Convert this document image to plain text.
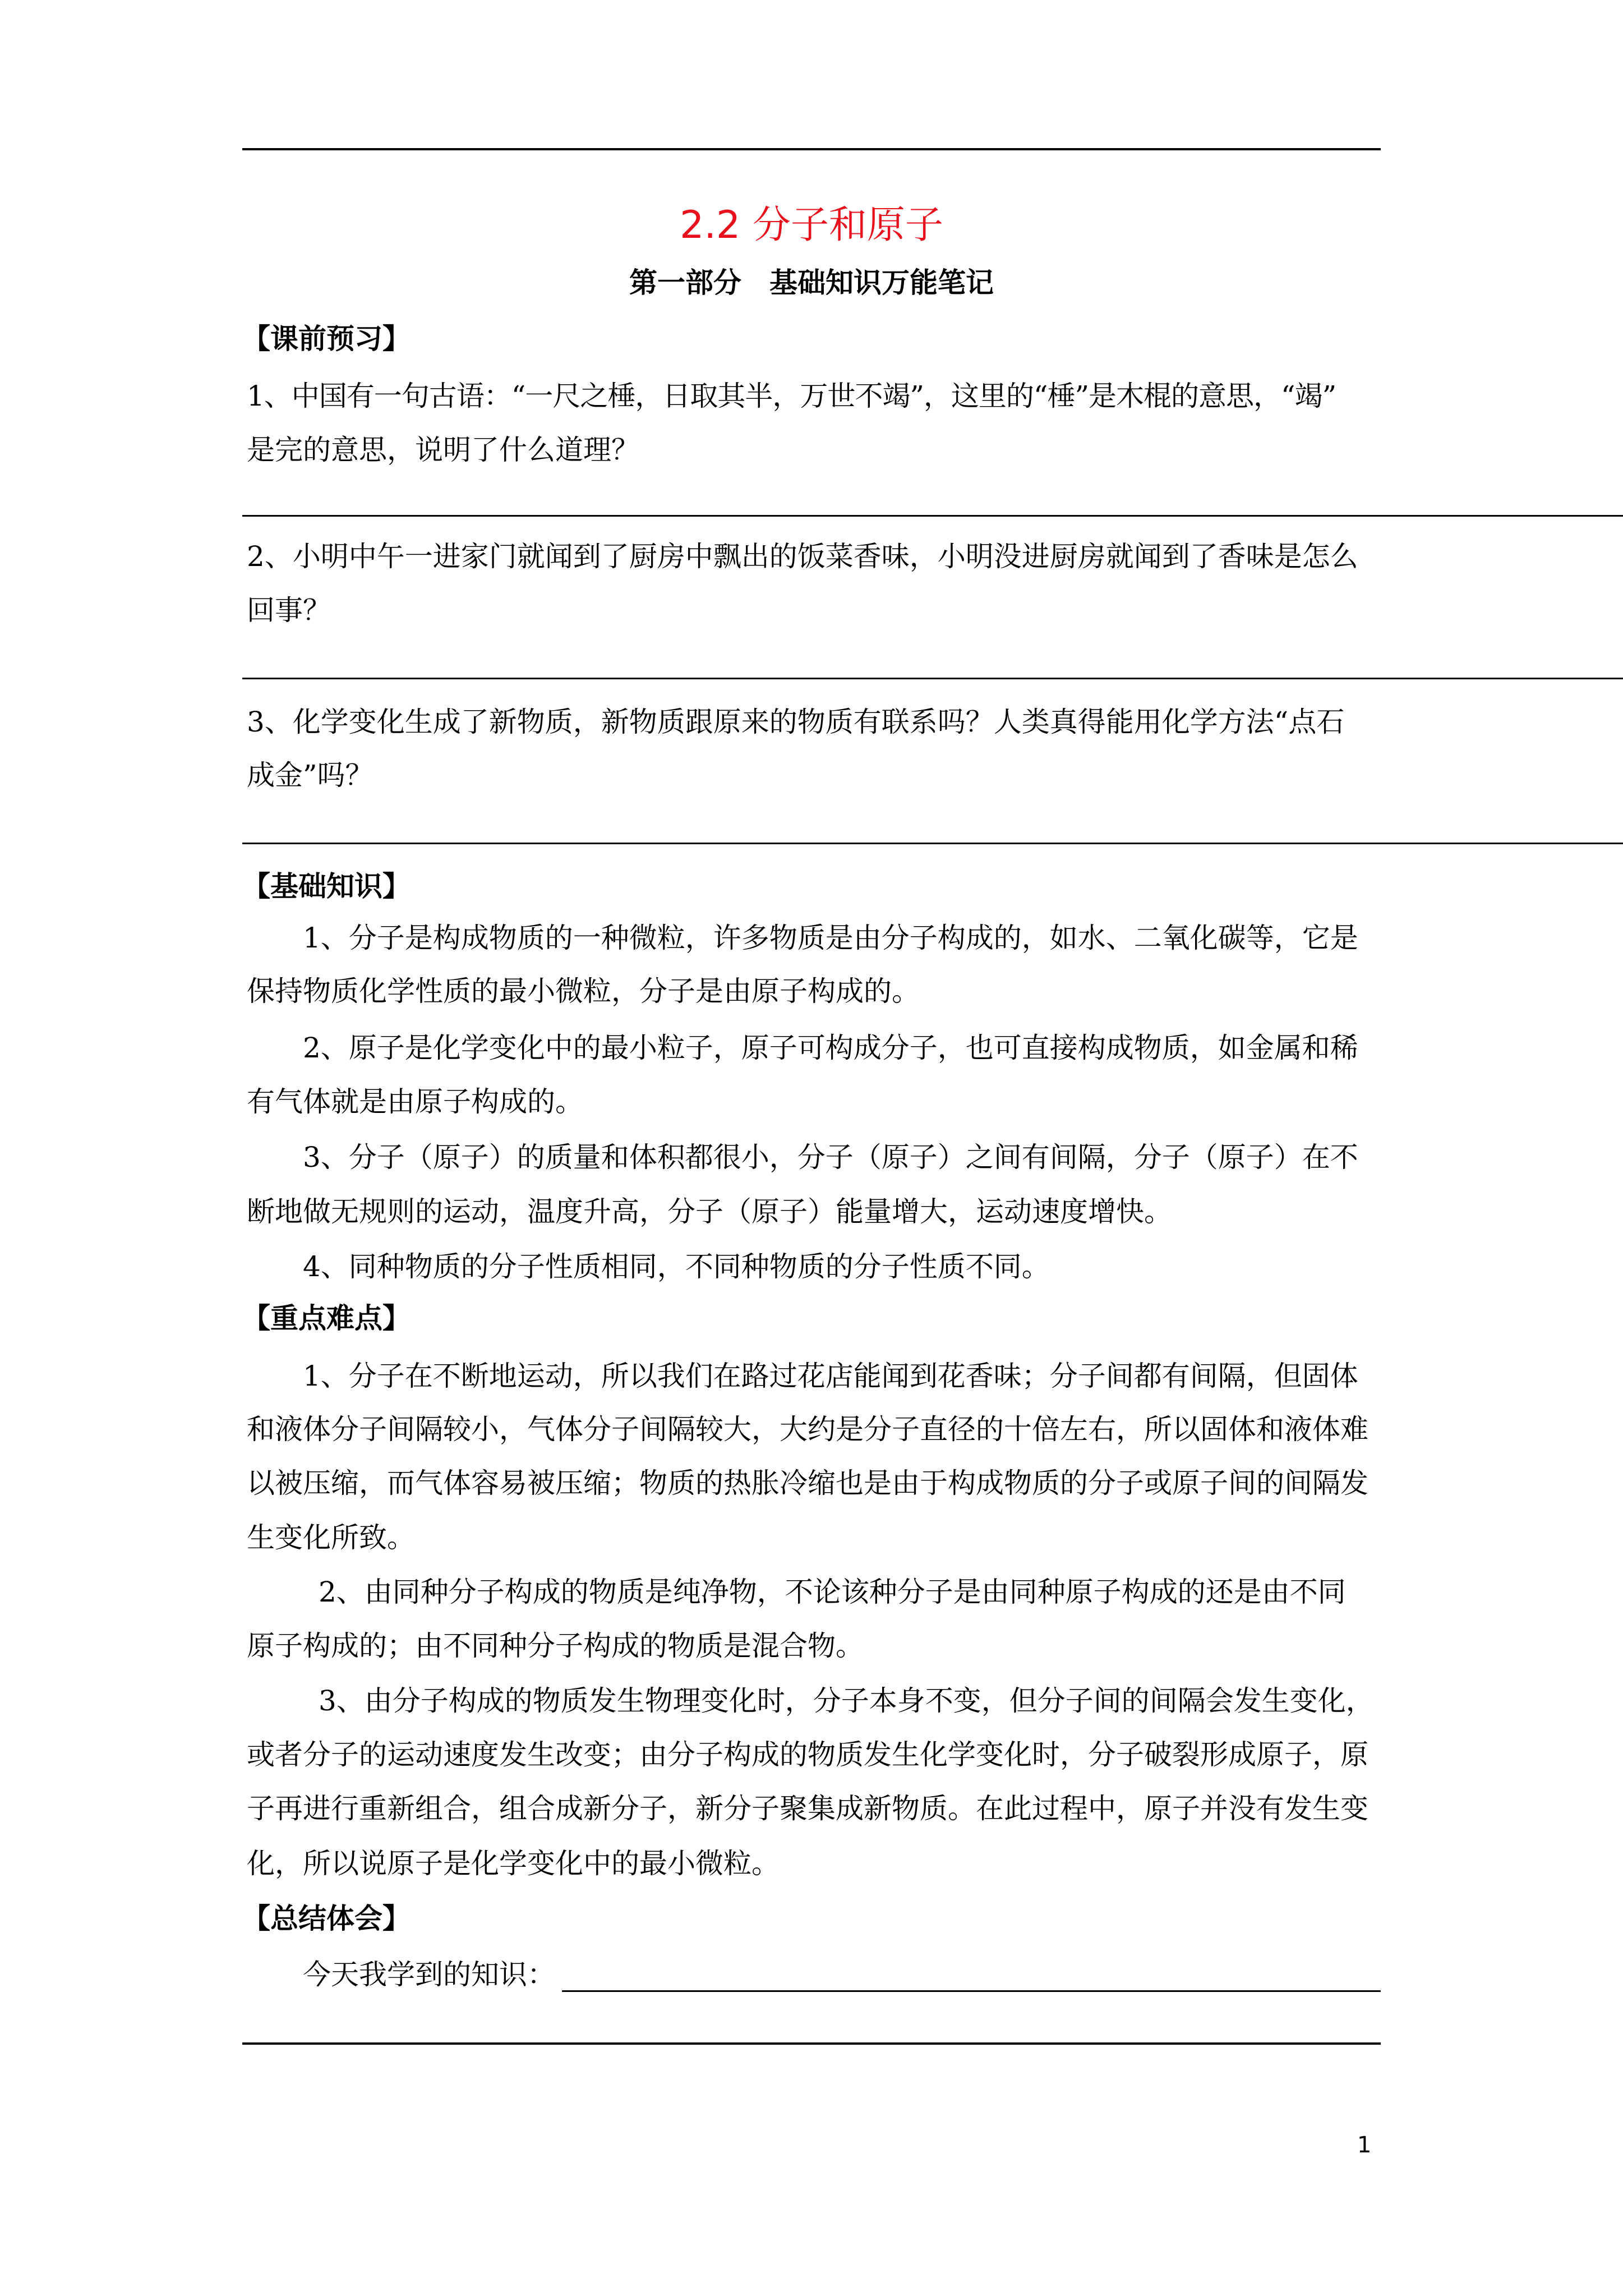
2.2 分子和原子
第一部分　基础知识万能笔记
【课前预习】
1、中国有一句古语：“一尺之棰，日取其半，万世不竭”，这里的“棰”是木棍的意思，“竭”
是完的意思，说明了什么道理？
2、小明中午一进家门就闻到了厨房中飘出的饭菜香味，小明没进厨房就闻到了香味是怎么
回事？
3、化学变化生成了新物质，新物质跟原来的物质有联系吗？人类真得能用化学方法“点石
成金”吗？
【基础知识】
1、分子是构成物质的一种微粒，许多物质是由分子构成的，如水、二氧化碳等，它是
保持物质化学性质的最小微粒，分子是由原子构成的。
2、原子是化学变化中的最小粒子，原子可构成分子，也可直接构成物质，如金属和稀
有气体就是由原子构成的。
3、分子（原子）的质量和体积都很小，分子（原子）之间有间隔，分子（原子）在不
断地做无规则的运动，温度升高，分子（原子）能量增大，运动速度增快。
4、同种物质的分子性质相同，不同种物质的分子性质不同。
【重点难点】
1、分子在不断地运动，所以我们在路过花店能闻到花香味；分子间都有间隔，但固体
和液体分子间隔较小，气体分子间隔较大，大约是分子直径的十倍左右，所以固体和液体难
以被压缩，而气体容易被压缩；物质的热胀冷缩也是由于构成物质的分子或原子间的间隔发
生变化所致。
2、由同种分子构成的物质是纯净物，不论该种分子是由同种原子构成的还是由不同
原子构成的；由不同种分子构成的物质是混合物。
3、由分子构成的物质发生物理变化时，分子本身不变，但分子间的间隔会发生变化，
或者分子的运动速度发生改变；由分子构成的物质发生化学变化时，分子破裂形成原子，原
子再进行重新组合，组合成新分子，新分子聚集成新物质。在此过程中，原子并没有发生变
化，所以说原子是化学变化中的最小微粒。
【总结体会】
今天我学到的知识：
1
